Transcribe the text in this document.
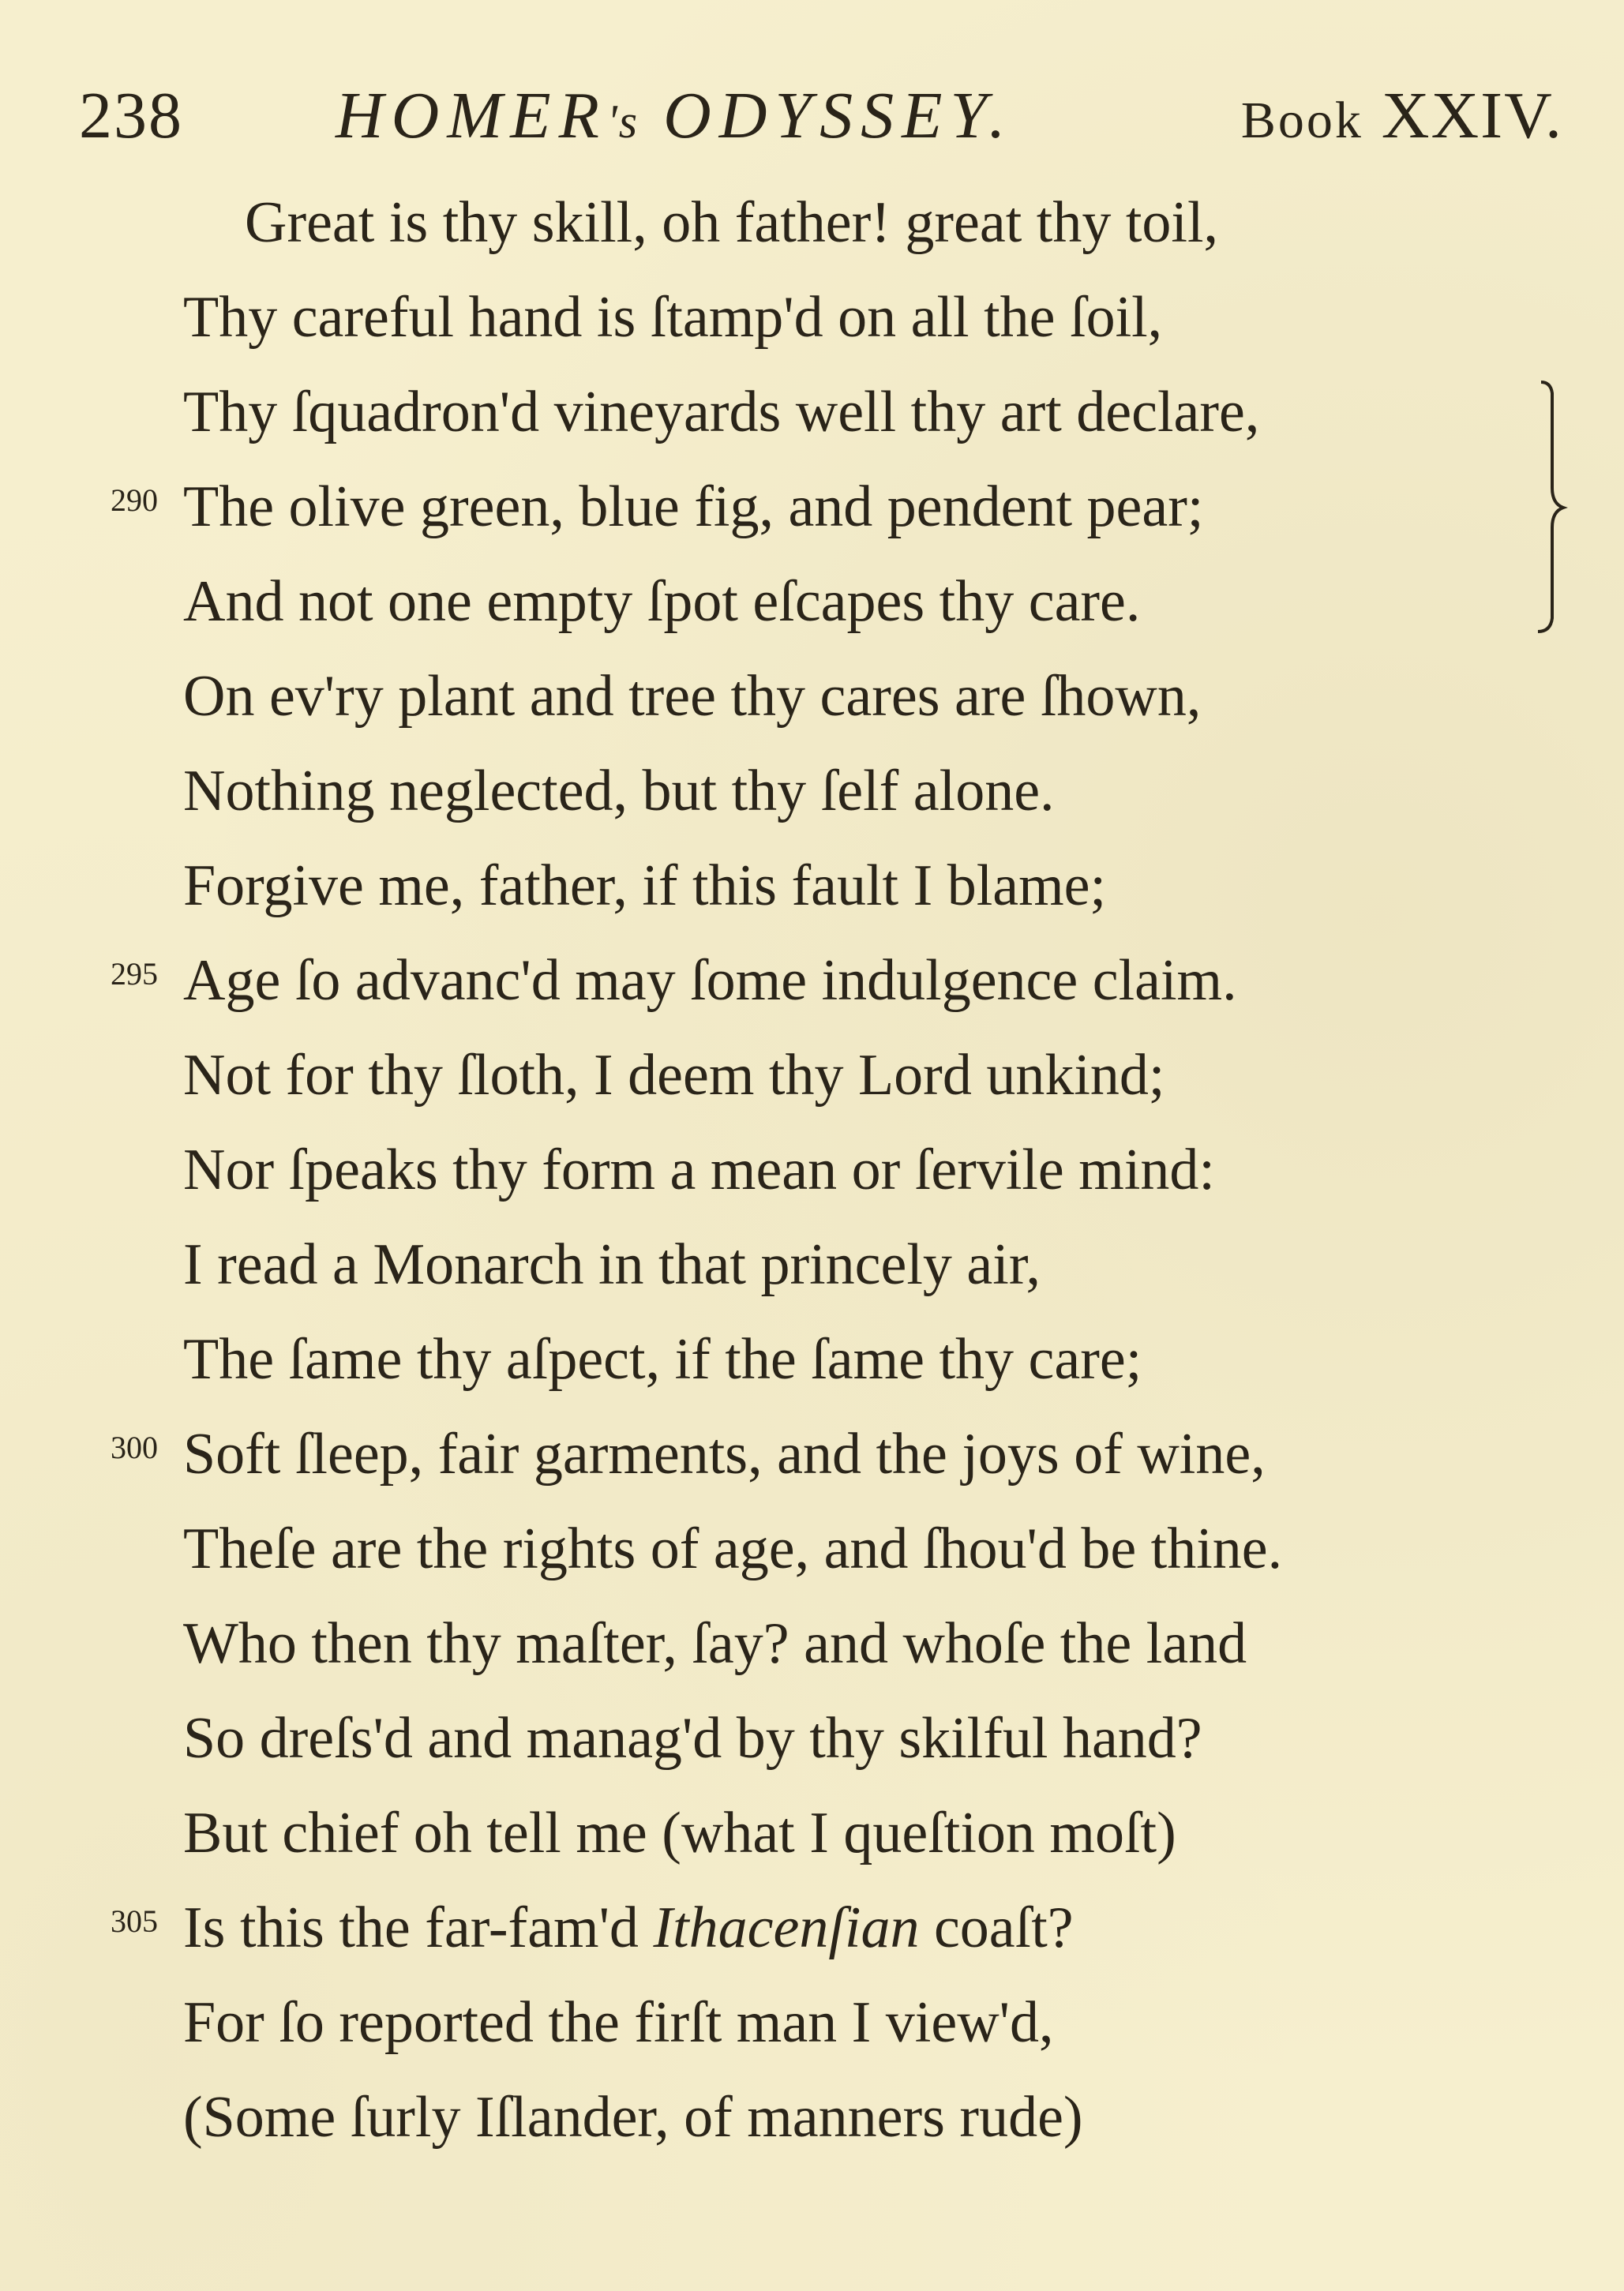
238 HOMER's ODYSSEY.	Book XXIV.
Great is thy skill, oh father! great thy toil,
Thy careful hand is ſtamp'd on all the ſoil,
Thy ſquadron'd vineyards well thy art declare,
290 The olive green, blue fig, and pendent pear;
And not one empty ſpot eſcapes thy care.
On ev'ry plant and tree thy cares are ſhown,
Nothing neglected, but thy ſelf alone.
Forgive me, father, if this fault I blame;
295 Age ſo advanc'd may ſome indulgence claim.
Not for thy ſloth, I deem thy Lord unkind;
Nor ſpeaks thy form a mean or ſervile mind:
I read a Monarch in that princely air,
The ſame thy aſpect, if the ſame thy care;
300 Soft ſleep, fair garments, and the joys of wine,
Theſe are the rights of age, and ſhou'd be thine.
Who then thy maſter, ſay? and whoſe the land
So dreſs'd and manag'd by thy skilful hand?
But chief oh tell me (what I queſtion moſt)
305 Is this the far-fam'd Ithacenſian coaſt?
For ſo reported the firſt man I view'd,
(Some ſurly Iſlander, of manners rude)
